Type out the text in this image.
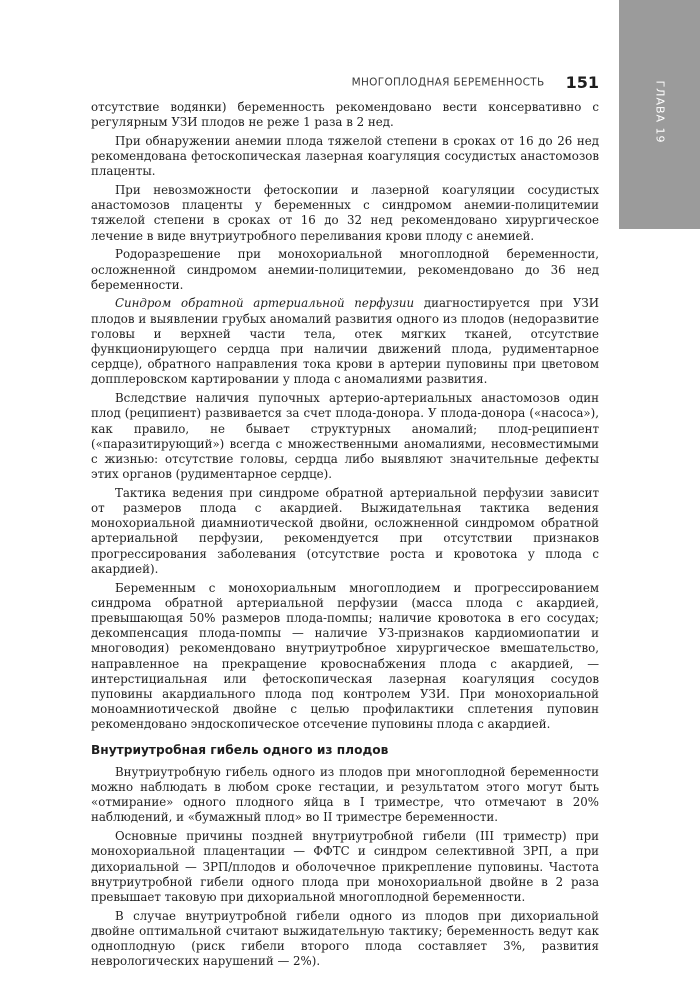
ГЛАВА 19
МНОГОПЛОДНАЯ БЕРЕМЕННОСТЬ 151

отсутствие водянки) беременность рекомендовано вести консервативно с регулярным УЗИ плодов не реже 1 раза в 2 нед.

При обнаружении анемии плода тяжелой степени в сроках от 16 до 26 нед рекомендована фетоскопическая лазерная коагуляция сосудистых анастомозов плаценты.

При невозможности фетоскопии и лазерной коагуляции сосудистых анастомозов плаценты у беременных с синдромом анемии-полицитемии тяжелой степени в сроках от 16 до 32 нед рекомендовано хирургическое лечение в виде внутриутробного переливания крови плоду с анемией.

Родоразрешение при монохориальной многоплодной беременности, осложненной синдромом анемии-полицитемии, рекомендовано до 36 нед беременности.

Синдром обратной артериальной перфузии диагностируется при УЗИ плодов и выявлении грубых аномалий развития одного из плодов (недоразвитие головы и верхней части тела, отек мягких тканей, отсутствие функционирующего сердца при наличии движений плода, рудиментарное сердце), обратного направления тока крови в артерии пуповины при цветовом допплеровском картировании у плода с аномалиями развития.

Вследствие наличия пупочных артерио-артериальных анастомозов один плод (реципиент) развивается за счет плода-донора. У плода-донора («насоса»), как правило, не бывает структурных аномалий; плод-реципиент («паразитирующий») всегда с множественными аномалиями, несовместимыми с жизнью: отсутствие головы, сердца либо выявляют значительные дефекты этих органов (рудиментарное сердце).

Тактика ведения при синдроме обратной артериальной перфузии зависит от размеров плода с акардией. Выжидательная тактика ведения монохориальной диамниотической двойни, осложненной синдромом обратной артериальной перфузии, рекомендуется при отсутствии признаков прогрессирования заболевания (отсутствие роста и кровотока у плода с акардией).

Беременным с монохориальным многоплодием и прогрессированием синдрома обратной артериальной перфузии (масса плода с акардией, превышающая 50% размеров плода-помпы; наличие кровотока в его сосудах; декомпенсация плода-помпы — наличие УЗ-признаков кардиомиопатии и многоводия) рекомендовано внутриутробное хирургическое вмешательство, направленное на прекращение кровоснабжения плода с акардией, — интерстициальная или фетоскопическая лазерная коагуляция сосудов пуповины акардиального плода под контролем УЗИ. При монохориальной моноамниотической двойне с целью профилактики сплетения пуповин рекомендовано эндоскопическое отсечение пуповины плода с акардией.

Внутриутробная гибель одного из плодов

Внутриутробную гибель одного из плодов при многоплодной беременности можно наблюдать в любом сроке гестации, и результатом этого могут быть «отмирание» одного плодного яйца в I триместре, что отмечают в 20% наблюдений, и «бумажный плод» во II триместре беременности.

Основные причины поздней внутриутробной гибели (III триместр) при монохориальной плацентации — ФФТС и синдром селективной ЗРП, а при дихориальной — ЗРП/плодов и оболочечное прикрепление пуповины. Частота внутриутробной гибели одного плода при монохориальной двойне в 2 раза превышает таковую при дихориальной многоплодной беременности.

В случае внутриутробной гибели одного из плодов при дихориальной двойне оптимальной считают выжидательную тактику; беременность ведут как одноплодную (риск гибели второго плода составляет 3%, развития неврологических нарушений — 2%).
